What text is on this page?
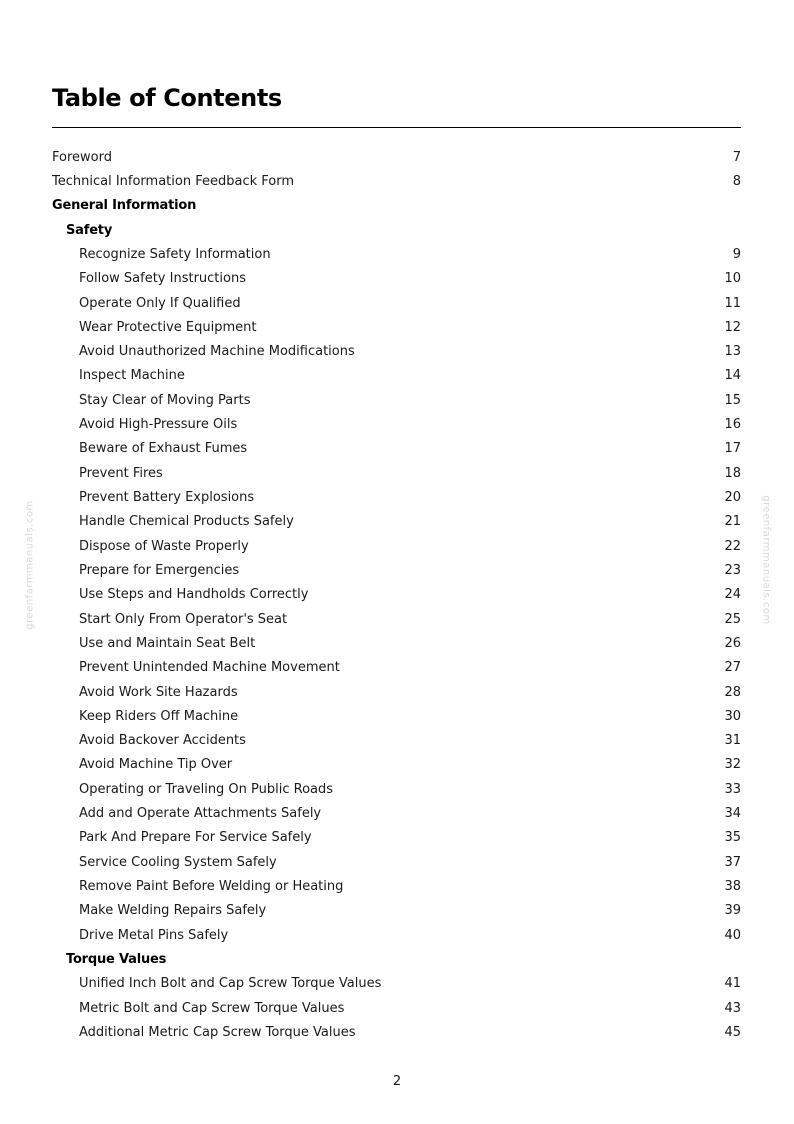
Table of Contents
Foreword	7
Technical Information Feedback Form	8
General Information
Safety
Recognize Safety Information	9
Follow Safety Instructions	10
Operate Only If Qualified	11
Wear Protective Equipment	12
Avoid Unauthorized Machine Modifications	13
Inspect Machine	14
Stay Clear of Moving Parts	15
Avoid High-Pressure Oils	16
Beware of Exhaust Fumes	17
Prevent Fires	18
Prevent Battery Explosions	20
Handle Chemical Products Safely	21
Dispose of Waste Properly	22
Prepare for Emergencies	23
Use Steps and Handholds Correctly	24
Start Only From Operator's Seat	25
Use and Maintain Seat Belt	26
Prevent Unintended Machine Movement	27
Avoid Work Site Hazards	28
Keep Riders Off Machine	30
Avoid Backover Accidents	31
Avoid Machine Tip Over	32
Operating or Traveling On Public Roads	33
Add and Operate Attachments Safely	34
Park And Prepare For Service Safely	35
Service Cooling System Safely	37
Remove Paint Before Welding or Heating	38
Make Welding Repairs Safely	39
Drive Metal Pins Safely	40
Torque Values
Unified Inch Bolt and Cap Screw Torque Values	41
Metric Bolt and Cap Screw Torque Values	43
Additional Metric Cap Screw Torque Values	45
greenfarmmanuals.com	greenfarmmanuals.com
2
